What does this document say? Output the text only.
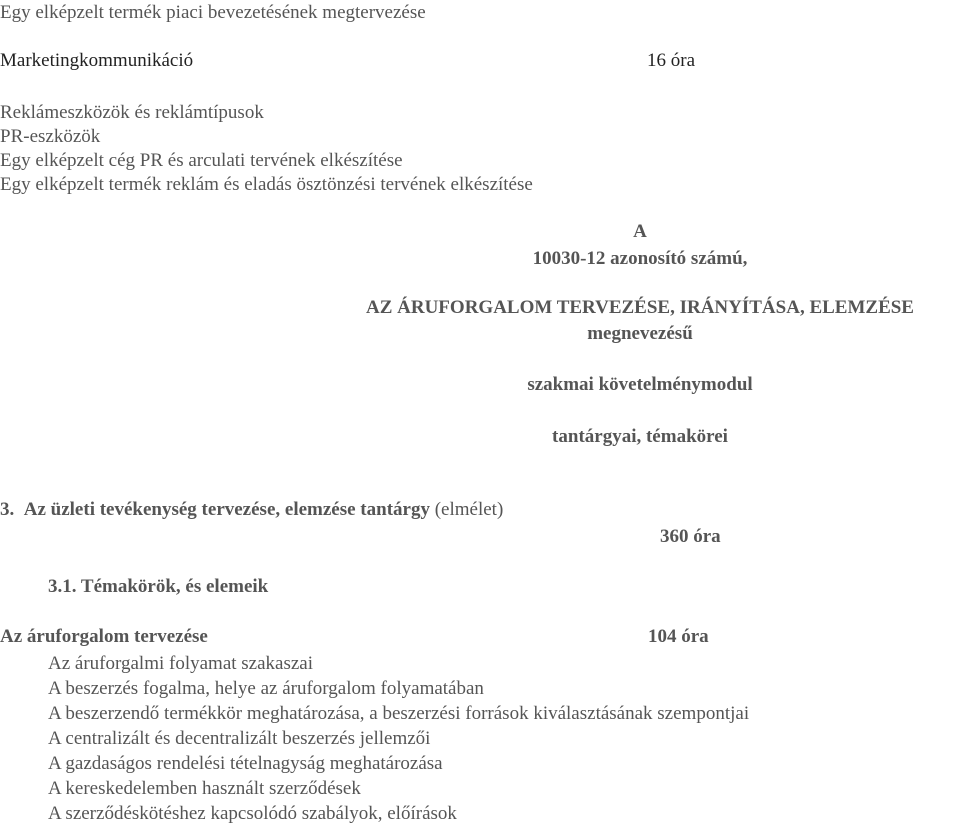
Egy elképzelt termék piaci bevezetésének megtervezése
Marketingkommunikáció	16 óra
Reklámeszközök és reklámtípusok
PR-eszközök
Egy elképzelt cég PR és arculati tervének elkészítése
Egy elképzelt termék reklám és eladás ösztönzési tervének elkészítése
A
10030-12 azonosító számú,
AZ ÁRUFORGALOM TERVEZÉSE, IRÁNYÍTÁSA, ELEMZÉSE
megnevezésű
szakmai követelménymodul
tantárgyai, témakörei
3. Az üzleti tevékenység tervezése, elemzése tantárgy (elmélet)
360 óra
3.1. Témakörök, és elemeik
Az áruforgalom tervezése	104 óra
Az áruforgalmi folyamat szakaszai
A beszerzés fogalma, helye az áruforgalom folyamatában
A beszerzendő termékkör meghatározása, a beszerzési források kiválasztásának szempontjai
A centralizált és decentralizált beszerzés jellemzői
A gazdaságos rendelési tételnagyság meghatározása
A kereskedelemben használt szerződések
A szerződéskötéshez kapcsolódó szabályok, előírások
